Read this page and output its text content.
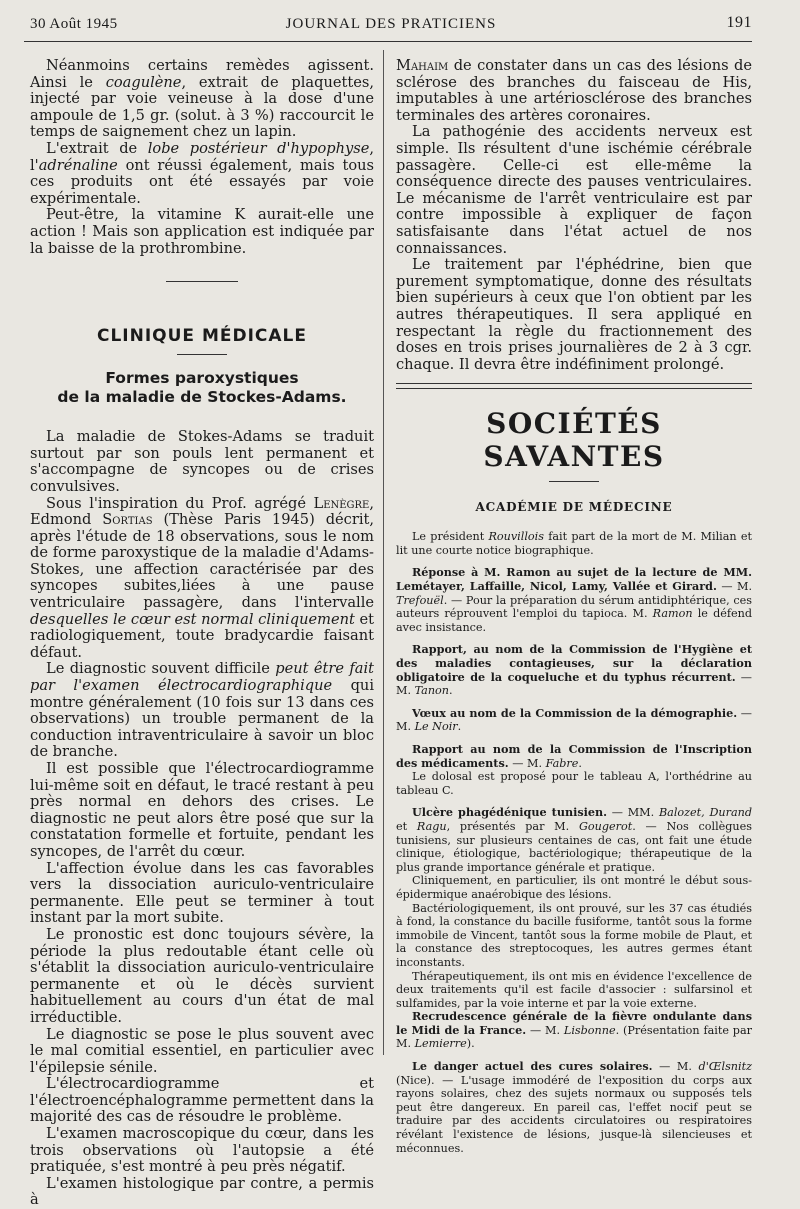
30 Août 1945	JOURNAL DES PRATICIENS	191

Néanmoins certains remèdes agissent. Ainsi le coagulène, extrait de plaquettes, injecté par voie veineuse à la dose d'une ampoule de 1,5 gr. (solut. à 3 %) raccourcit le temps de saignement chez un lapin.

L'extrait de lobe postérieur d'hypophyse, l'adrénaline ont réussi également, mais tous ces produits ont été essayés par voie expérimentale.

Peut-être, la vitamine K aurait-elle une action ! Mais son application est indiquée par la baisse de la prothrombine.

CLINIQUE MÉDICALE
Formes paroxystiques
de la maladie de Stockes-Adams.

La maladie de Stokes-Adams se traduit surtout par son pouls lent permanent et s'accompagne de syncopes ou de crises convulsives.

Sous l'inspiration du Prof. agrégé Lenègre, Edmond Sortias (Thèse Paris 1945) décrit, après l'étude de 18 observations, sous le nom de forme paroxystique de la maladie d'Adams-Stokes, une affection caractérisée par des syncopes subites,liées à une pause ventriculaire passagère, dans l'intervalle desquelles le cœur est normal cliniquement et radiologiquement, toute bradycardie faisant défaut.

Le diagnostic souvent difficile peut être fait par l'examen électrocardiographique qui montre généralement (10 fois sur 13 dans ces observations) un trouble permanent de la conduction intraventriculaire à savoir un bloc de branche.

Il est possible que l'électrocardiogramme lui-même soit en défaut, le tracé restant à peu près normal en dehors des crises. Le diagnostic ne peut alors être posé que sur la constatation formelle et fortuite, pendant les syncopes, de l'arrêt du cœur.

L'affection évolue dans les cas favorables vers la dissociation auriculo-ventriculaire permanente. Elle peut se terminer à tout instant par la mort subite.

Le pronostic est donc toujours sévère, la période la plus redoutable étant celle où s'établit la dissociation auriculo-ventriculaire permanente et où le décès survient habituellement au cours d'un état de mal irréductible.

Le diagnostic se pose le plus souvent avec le mal comitial essentiel, en particulier avec l'épilepsie sénile.

L'électrocardiogramme et l'électroencéphalogramme permettent dans la majorité des cas de résoudre le problème.

L'examen macroscopique du cœur, dans les trois observations où l'autopsie a été pratiquée, s'est montré à peu près négatif.

L'examen histologique par contre, a permis à

Mahaim de constater dans un cas des lésions de sclérose des branches du faisceau de His, imputables à une artériosclérose des branches terminales des artères coronaires.

La pathogénie des accidents nerveux est simple. Ils résultent d'une ischémie cérébrale passagère. Celle-ci est elle-même la conséquence directe des pauses ventriculaires. Le mécanisme de l'arrêt ventriculaire est par contre impossible à expliquer de façon satisfaisante dans l'état actuel de nos connaissances.

Le traitement par l'éphédrine, bien que purement symptomatique, donne des résultats bien supérieurs à ceux que l'on obtient par les autres thérapeutiques. Il sera appliqué en respectant la règle du fractionnement des doses en trois prises journalières de 2 à 3 cgr. chaque. Il devra être indéfiniment prolongé.

SOCIÉTÉS SAVANTES
ACADÉMIE DE MÉDECINE

Le président Rouvillois fait part de la mort de M. Milian et lit une courte notice biographique.

Réponse à M. Ramon au sujet de la lecture de MM. Lemétayer, Laffaille, Nicol, Lamy, Vallée et Girard. — M. Trefouël. — Pour la préparation du sérum antidiphtérique, ces auteurs réprouvent l'emploi du tapioca. M. Ramon le défend avec insistance.

Rapport, au nom de la Commission de l'Hygiène et des maladies contagieuses, sur la déclaration obligatoire de la coqueluche et du typhus récurrent. — M. Tanon.

Vœux au nom de la Commission de la démographie. — M. Le Noir.

Rapport au nom de la Commission de l'Inscription des médicaments. — M. Fabre.

Le dolosal est proposé pour le tableau A, l'orthédrine au tableau C.

Ulcère phagédénique tunisien. — MM. Balozet, Durand et Ragu, présentés par M. Gougerot. — Nos collègues tunisiens, sur plusieurs centaines de cas, ont fait une étude clinique, étiologique, bactériologique; thérapeutique de la plus grande importance générale et pratique.

Cliniquement, en particulier, ils ont montré le début sous-épidermique anaérobique des lésions.

Bactériologiquement, ils ont prouvé, sur les 37 cas étudiés à fond, la constance du bacille fusiforme, tantôt sous la forme immobile de Vincent, tantôt sous la forme mobile de Plaut, et la constance des streptocoques, les autres germes étant inconstants.

Thérapeutiquement, ils ont mis en évidence l'excellence de deux traitements qu'il est facile d'associer : sulfarsinol et sulfamides, par la voie interne et par la voie externe.

Recrudescence générale de la fièvre ondulante dans le Midi de la France. — M. Lisbonne. (Présentation faite par M. Lemierre).

Le danger actuel des cures solaires. — M. d'Œlsnitz (Nice). — L'usage immodéré de l'exposition du corps aux rayons solaires, chez des sujets normaux ou supposés tels peut être dangereux. En pareil cas, l'effet nocif peut se traduire par des accidents circulatoires ou respiratoires révélant l'existence de lésions, jusque-là silencieuses et méconnues.
